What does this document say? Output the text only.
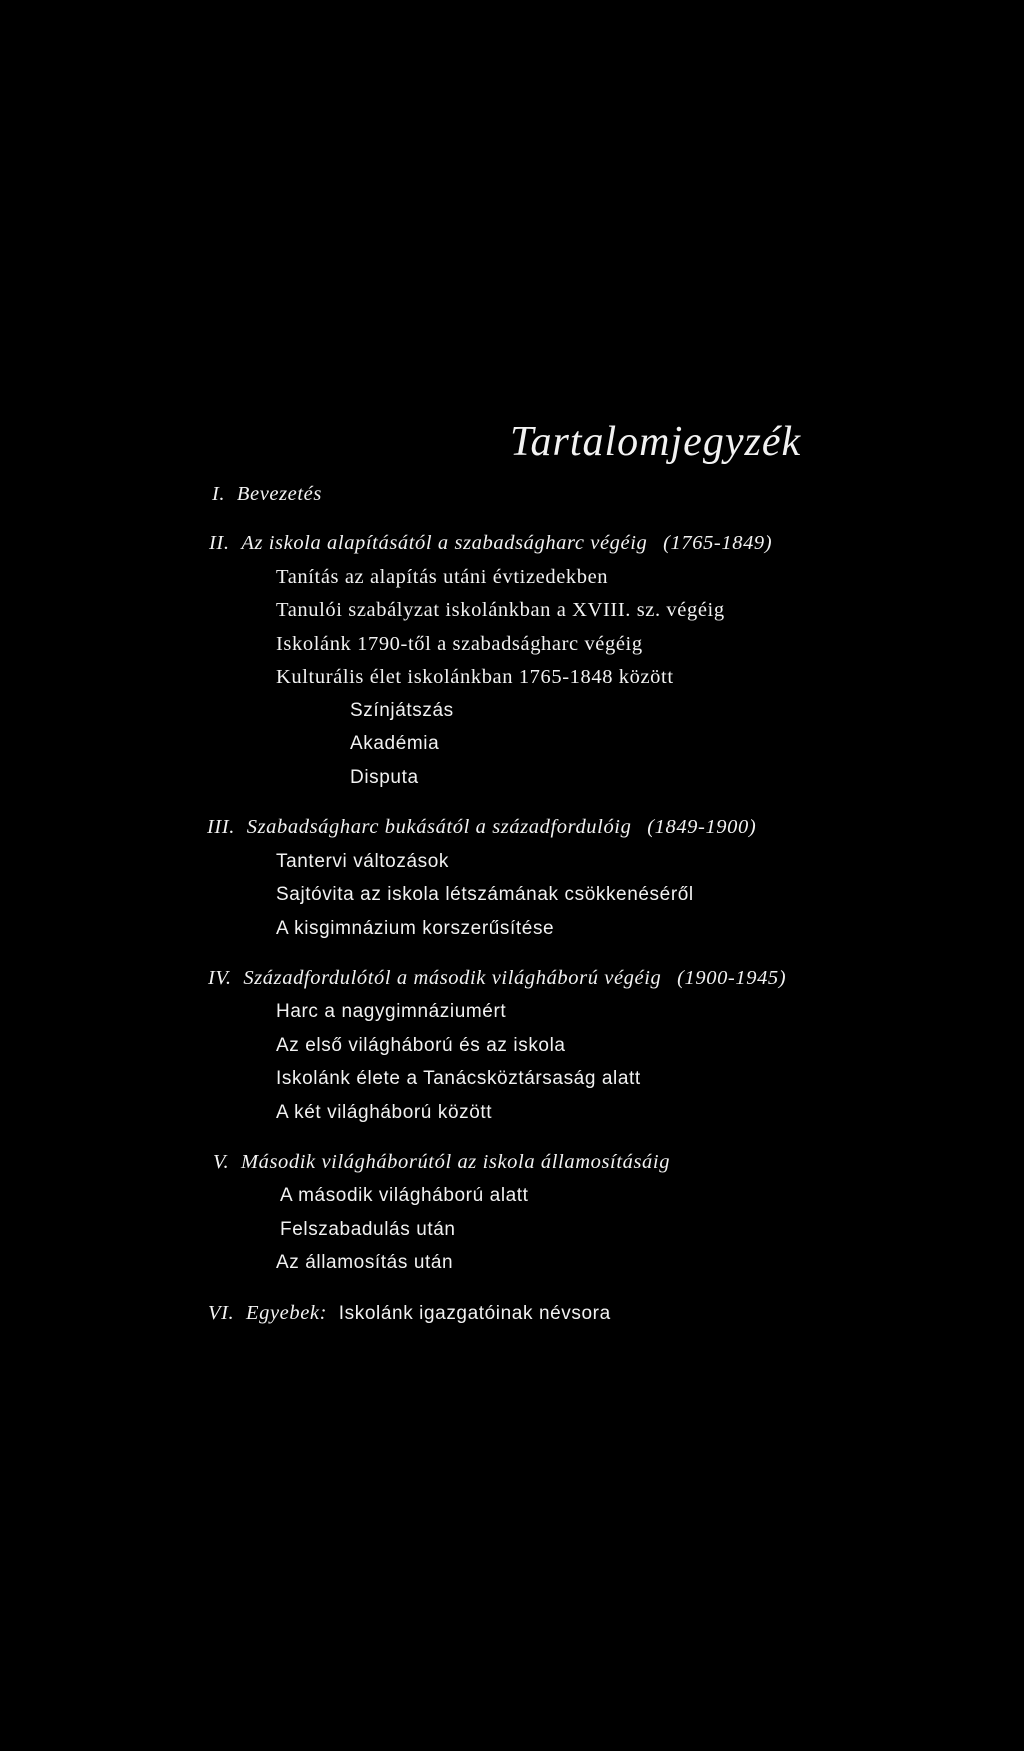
Tartalomjegyzék
I. Bevezetés
II. Az iskola alapításától a szabadságharc végéig (1765-1849)
Tanítás az alapítás utáni évtizedekben
Tanulói szabályzat iskolánkban a XVIII. sz. végéig
Iskolánk 1790-től a szabadságharc végéig
Kulturális élet iskolánkban 1765-1848 között
Színjátszás
Akadémia
Disputa
III. Szabadságharc bukásától a századfordulóig (1849-1900)
Tantervi változások
Sajtóvita az iskola létszámának csökkenéséről
A kisgimnázium korszerűsítése
IV. Századfordulótól a második világháború végéig (1900-1945)
Harc a nagygimnáziumért
Az első világháború és az iskola
Iskolánk élete a Tanácsköztársaság alatt
A két világháború között
V. Második világháborútól az iskola államosításáig
A második világháború alatt
Felszabadulás után
Az államosítás után
VI. Egyebek: Iskolánk igazgatóinak névsora
